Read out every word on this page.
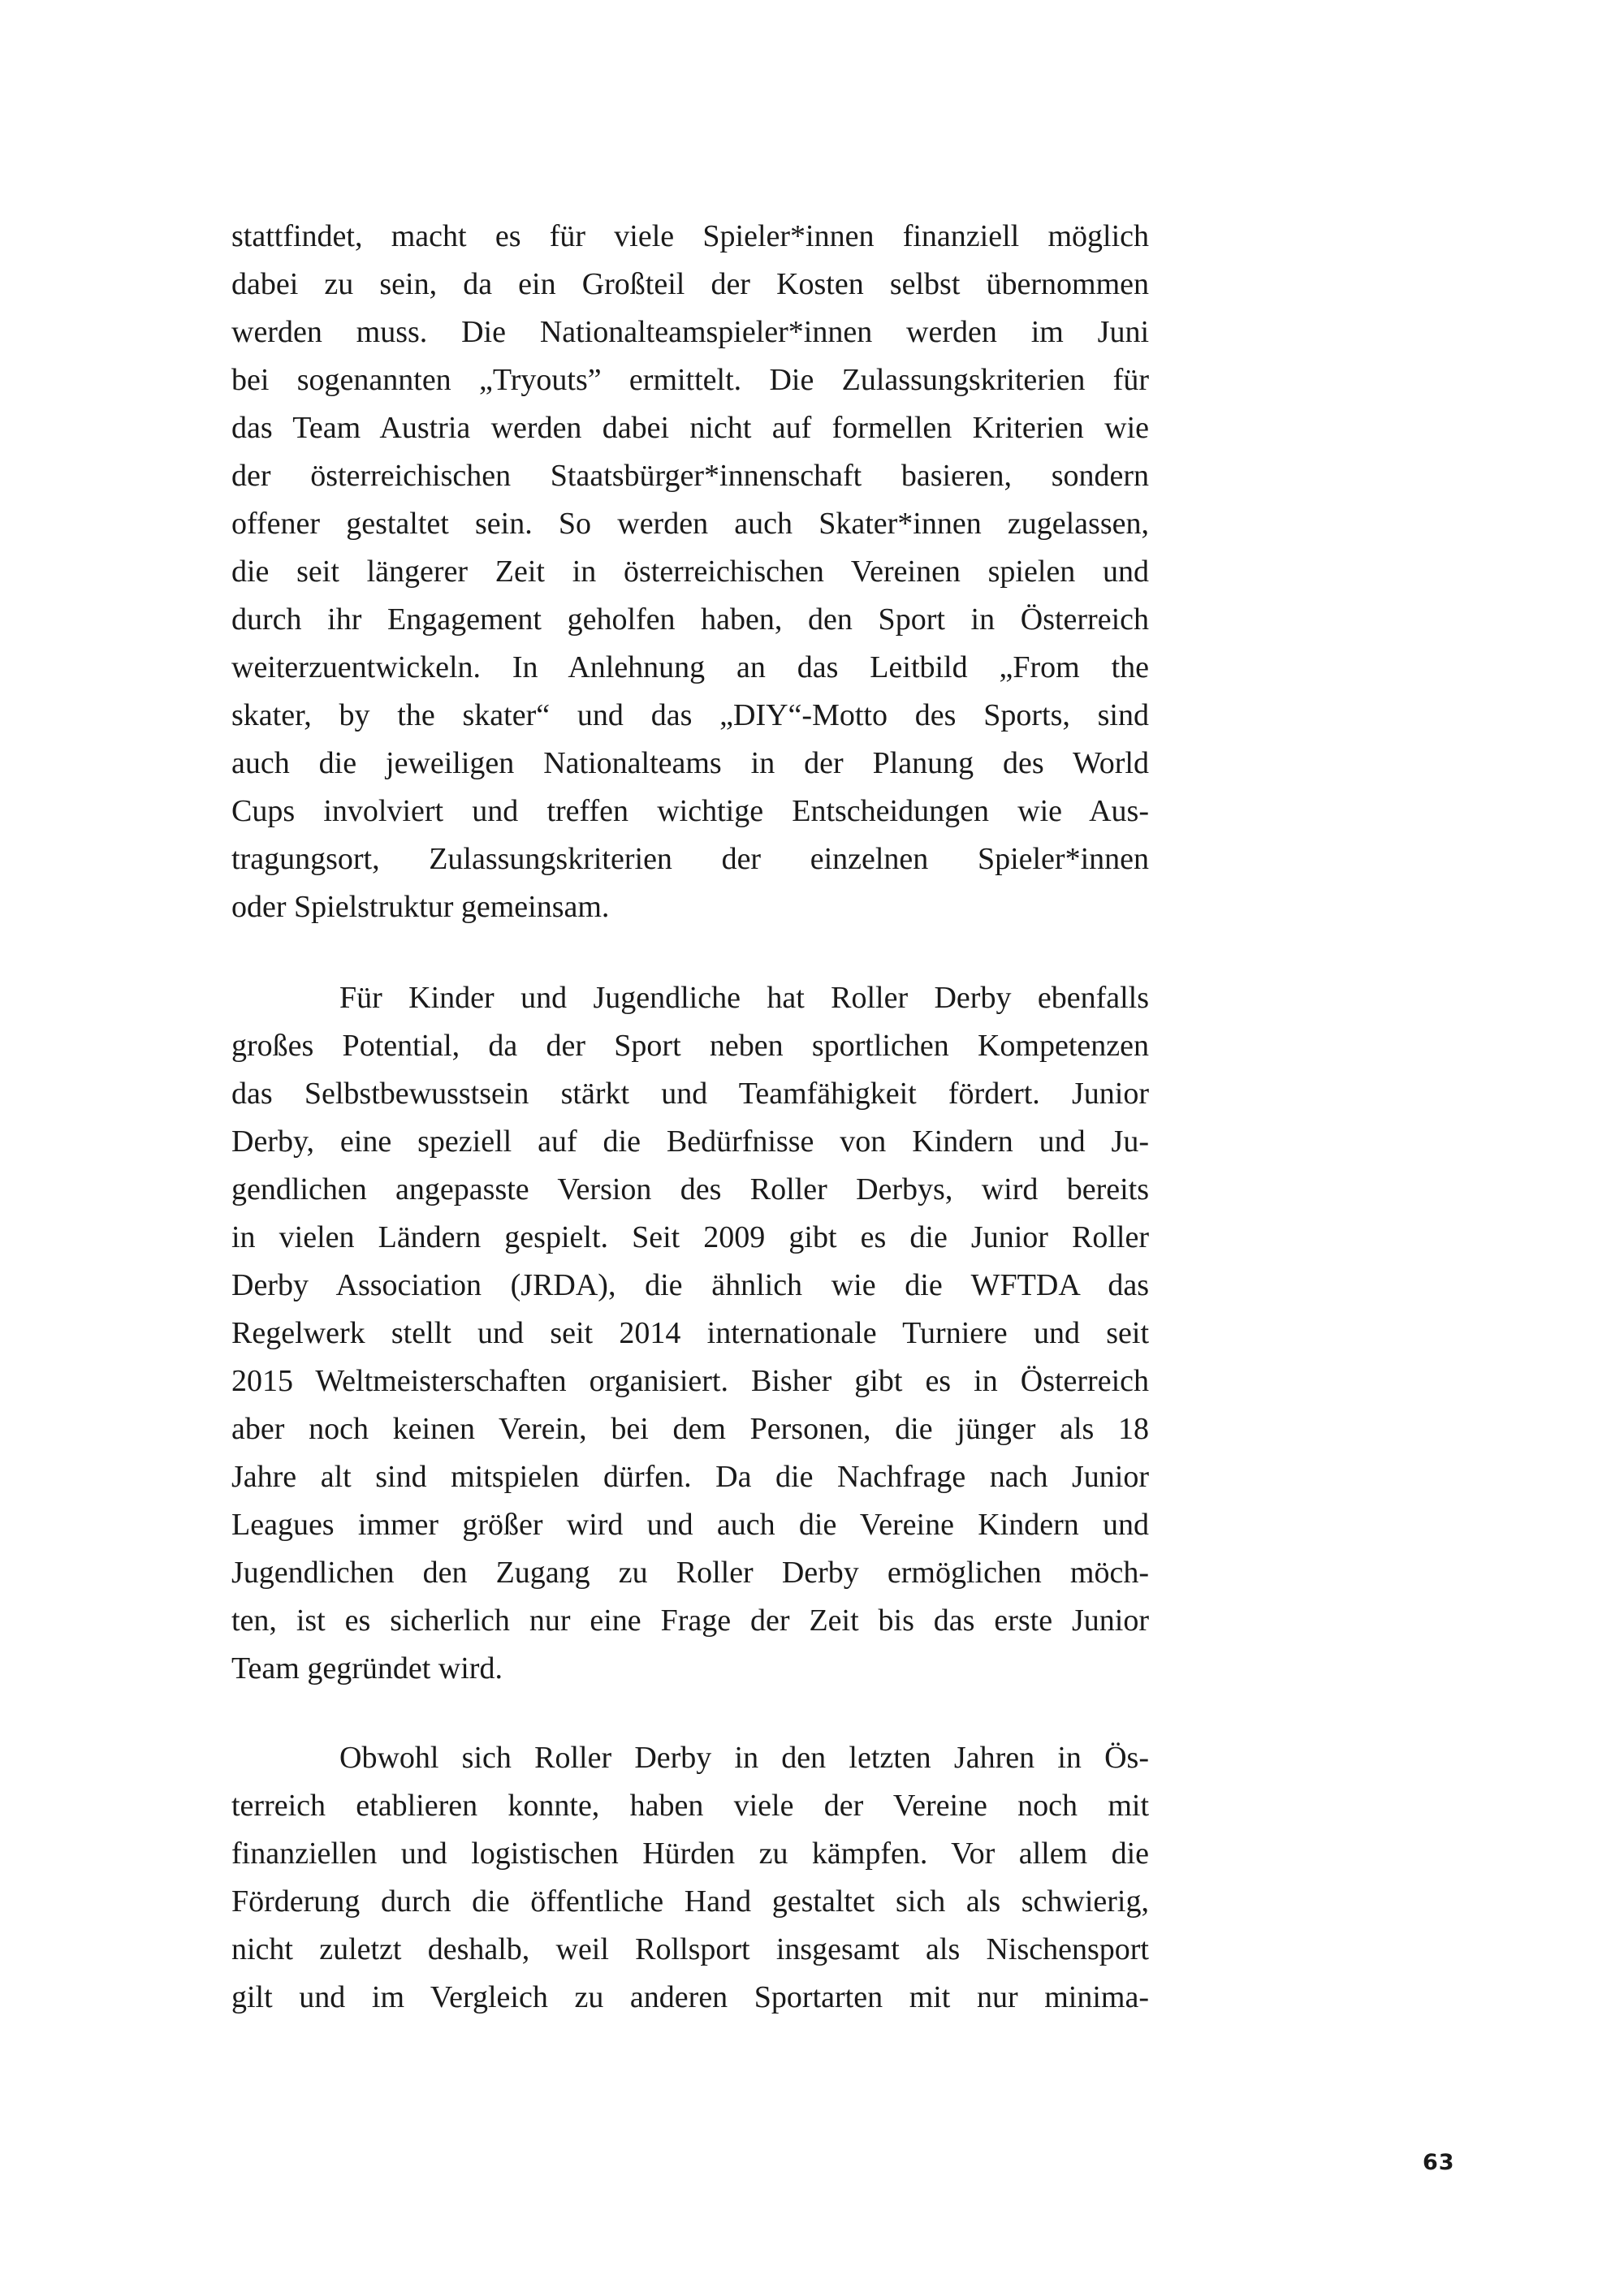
stattfindet, macht es für viele Spieler*innen finanziell möglich
dabei zu sein, da ein Großteil der Kosten selbst übernommen
werden muss. Die Nationalteamspieler*innen werden im Juni
bei sogenannten „Tryouts” ermittelt. Die Zulassungskriterien für
das Team Austria werden dabei nicht auf formellen Kriterien wie
der österreichischen Staatsbürger*innenschaft basieren, sondern
offener gestaltet sein. So werden auch Skater*innen zugelassen,
die seit längerer Zeit in österreichischen Vereinen spielen und
durch ihr Engagement geholfen haben, den Sport in Österreich
weiterzuentwickeln. In Anlehnung an das Leitbild „From the
skater, by the skater“ und das „DIY“-Motto des Sports, sind
auch die jeweiligen Nationalteams in der Planung des World
Cups involviert und treffen wichtige Entscheidungen wie Aus-
tragungsort, Zulassungskriterien der einzelnen Spieler*innen
oder Spielstruktur gemeinsam.
Für Kinder und Jugendliche hat Roller Derby ebenfalls
großes Potential, da der Sport neben sportlichen Kompetenzen
das Selbstbewusstsein stärkt und Teamfähigkeit fördert. Junior
Derby, eine speziell auf die Bedürfnisse von Kindern und Ju-
gendlichen angepasste Version des Roller Derbys, wird bereits
in vielen Ländern gespielt. Seit 2009 gibt es die Junior Roller
Derby Association (JRDA), die ähnlich wie die WFTDA das
Regelwerk stellt und seit 2014 internationale Turniere und seit
2015 Weltmeisterschaften organisiert. Bisher gibt es in Österreich
aber noch keinen Verein, bei dem Personen, die jünger als 18
Jahre alt sind mitspielen dürfen. Da die Nachfrage nach Junior
Leagues immer größer wird und auch die Vereine Kindern und
Jugendlichen den Zugang zu Roller Derby ermöglichen möch-
ten, ist es sicherlich nur eine Frage der Zeit bis das erste Junior
Team gegründet wird.
Obwohl sich Roller Derby in den letzten Jahren in Ös-
terreich etablieren konnte, haben viele der Vereine noch mit
finanziellen und logistischen Hürden zu kämpfen. Vor allem die
Förderung durch die öffentliche Hand gestaltet sich als schwierig,
nicht zuletzt deshalb, weil Rollsport insgesamt als Nischensport
gilt und im Vergleich zu anderen Sportarten mit nur minima-
63
